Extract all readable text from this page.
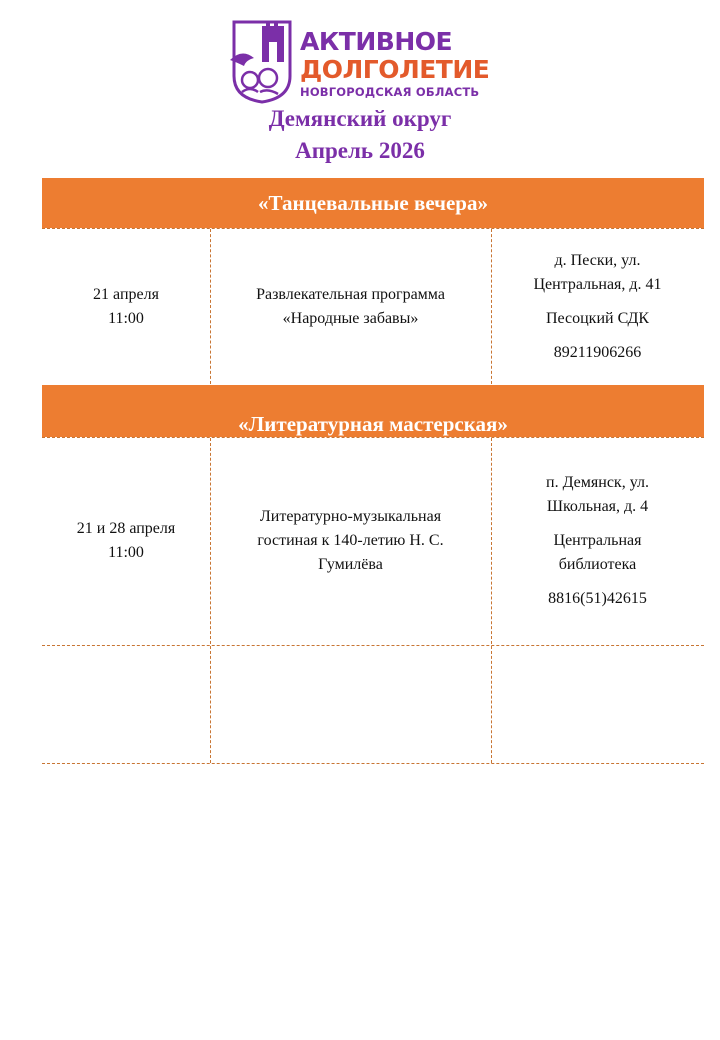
АКТИВНОЕ
ДОЛГОЛЕТИЕ
НОВГОРОДСКАЯ ОБЛАСТЬ
Демянский округ
Апрель 2026
«Танцевальные вечера»
21 апреля
11:00
Развлекательная программа
«Народные забавы»

д. Пески, ул.

Центральная, д. 41

Песоцкий СДК

89211906266

«Литературная мастерская»
21 и 28 апреля
11:00
Литературно-музыкальная
гостиная к 140-летию Н. С.
Гумилёва

п. Демянск, ул.

Школьная, д. 4

Центральная

библиотека

8816(51)42615
